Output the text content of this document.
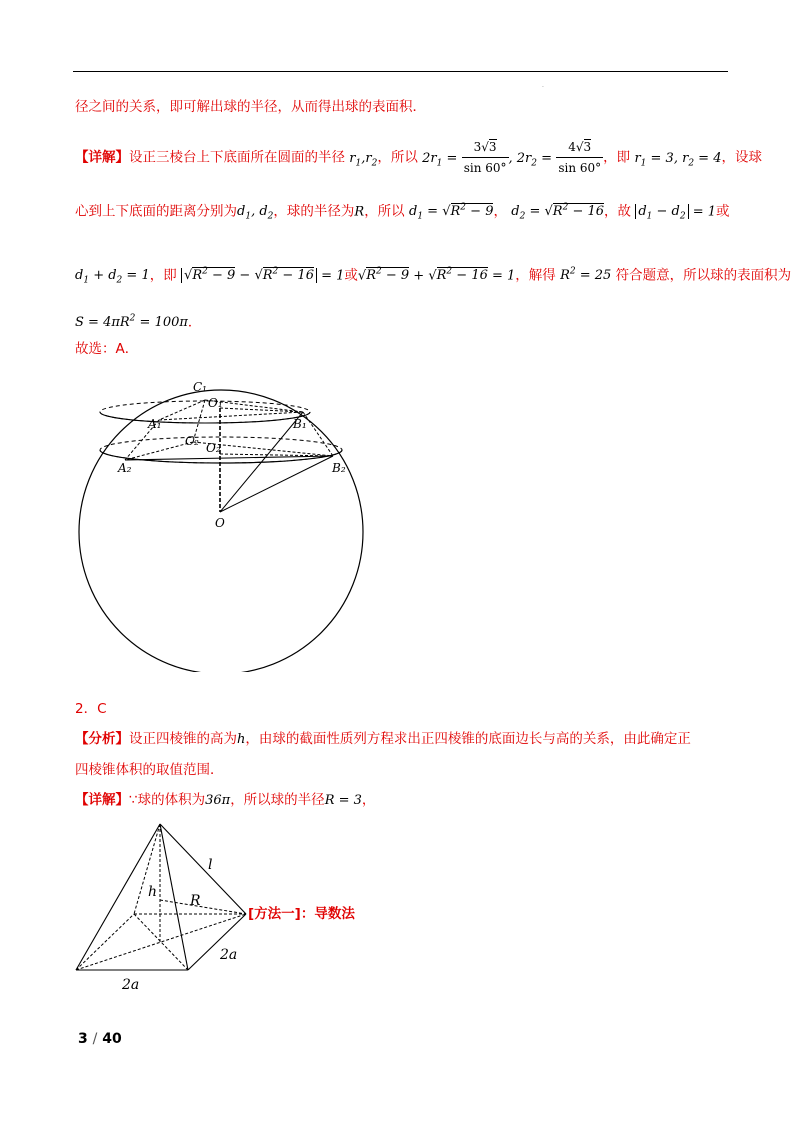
·
径之间的关系，即可解出球的半径，从而得出球的表面积．
【详解】设正三棱台上下底面所在圆面的半径 $r_1,r_2$，所以 $2r_1 = \frac{3√3}{\sin 60^\circ}$ , $2r_2 = \frac{4√3}{\sin 60^\circ}$ ，即 $r_1 = 3$, $r_2 = 4$，设球
心到上下底面的距离分别为$d_1$, $d_2$，球的半径为R，所以 $d_1 = √R^2 - 9$， $d_2 = √R^2 - 16$，故 $d_1 - d_2 = 1$或
$d_1 + d_2 = 1$，即 $√R^2 - 9 - √R^2 - 16 = 1$或$√R^2 - 9 + √R^2 - 16 = 1$，解得 $R^2 = 25$ 符合题意，所以球的表面积为
$S = 4\pi R^2 = 100\pi$．
故选：A．
C₁
O₁
A₁	B₁
C₂ O₂
A₂	B₂
O
2．C
【分析】设正四棱锥的高为h，由球的截面性质列方程求出正四棱锥的底面边长与高的关系，由此确定正
四棱锥体积的取值范围．
【详解】∵球的体积为36π，所以球的半径R = 3，
l
h
R
2a
2a
[方法一]：导数法
3 / 40
